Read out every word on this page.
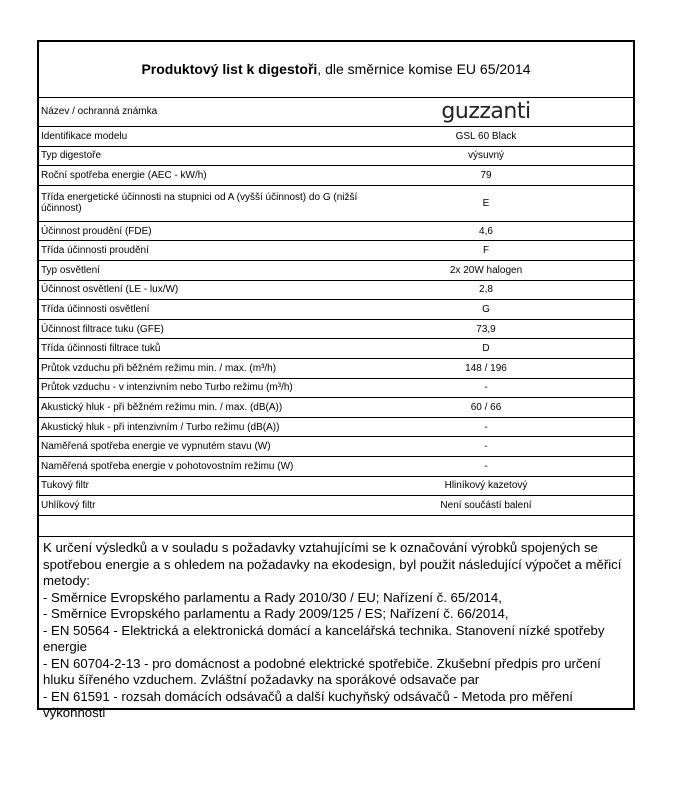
Produktový list k digestoři, dle směrnice komise EU 65/2014
Název / ochranná známka	guzzanti
Identifikace modelu	GSL 60 Black
Typ digestoře	výsuvný
Roční spotřeba energie (AEC - kW/h)	79
Třída energetické účinnosti na stupnici od A (vyšší účinnost) do G (nižší účinnost)	E
Účinnost proudění (FDE)	4,6
Třída účinnosti proudění	F
Typ osvětlení	2x 20W halogen
Účinnost osvětlení (LE - lux/W)	2,8
Třída účinnosti osvětlení	G
Účinnost filtrace tuku (GFE)	73,9
Třída účinnosti filtrace tuků	D
Průtok vzduchu při běžném režimu min. / max. (m³/h)	148 / 196
Průtok vzduchu - v intenzivním nebo Turbo režimu (m³/h)	-
Akustický hluk - při běžném režimu min. / max. (dB(A))	60 / 66
Akustický hluk - při intenzivním / Turbo režimu (dB(A))	-
Naměřená spotřeba energie ve vypnutém stavu (W)	-
Naměřená spotřeba energie v pohotovostním režimu (W)	-
Tukový filtr	Hliníkový kazetový
Uhlíkový filtr	Není součástí balení

K určení výsledků a v souladu s požadavky vztahujícími se k označování výrobků spojených se spotřebou energie a s ohledem na požadavky na ekodesign, byl použit následující výpočet a měřicí metody:

- Směrnice Evropského parlamentu a Rady 2010/30 / EU; Nařízení č. 65/2014,

- Směrnice Evropského parlamentu a Rady 2009/125 / ES; Nařízení č. 66/2014,

- EN 50564 - Elektrická a elektronická domácí a kancelářská technika. Stanovení nízké spotřeby energie

- EN 60704-2-13 - pro domácnost a podobné elektrické spotřebiče. Zkušební předpis pro určení hluku šířeného vzduchem. Zvláštní požadavky na sporákové odsavače par

- EN 61591 - rozsah domácích odsávačů a další kuchyňský odsávačů - Metoda pro měření výkonnosti
